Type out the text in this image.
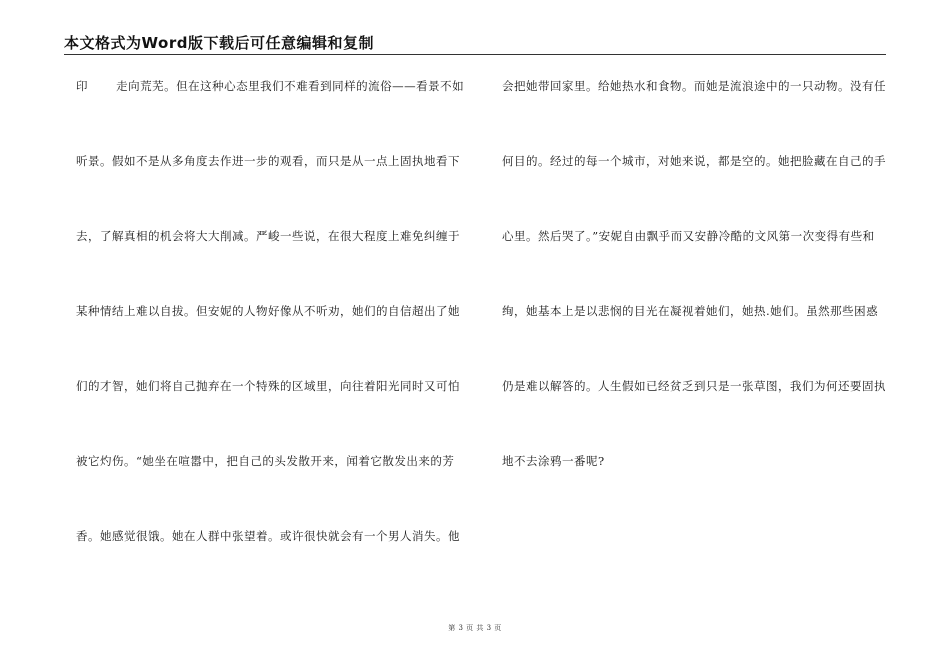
本文格式为Word版下载后可任意编辑和复制
印　　 走向荒芜。但在这种心态里我们不难看到同样的流俗——看景不如
听景。假如不是从多角度去作进一步的观看，而只是从一点上固执地看下
去，了解真相的机会将大大削减。严峻一些说，在很大程度上难免纠缠于
某种情结上难以自拔。但安妮的人物好像从不听劝，她们的自信超出了她
们的才智，她们将自己抛弃在一个特殊的区域里，向往着阳光同时又可怕
被它灼伤。“她坐在喧嚣中，把自己的头发散开来，闻着它散发出来的芳
香。她感觉很饿。她在人群中张望着。或许很快就会有一个男人消失。他
会把她带回家里。给她热水和食物。而她是流浪途中的一只动物。没有任
何目的。经过的每一个城市，对她来说，都是空的。她把脸藏在自己的手
心里。然后哭了。”安妮自由飘乎而又安静冷酷的文风第一次变得有些和
绚，她基本上是以悲悯的目光在凝视着她们，她热.她们。虽然那些困惑
仍是难以解答的。人生假如已经贫乏到只是一张草图，我们为何还要固执
地不去涂鸦一番呢?
第 3 页 共 3 页
